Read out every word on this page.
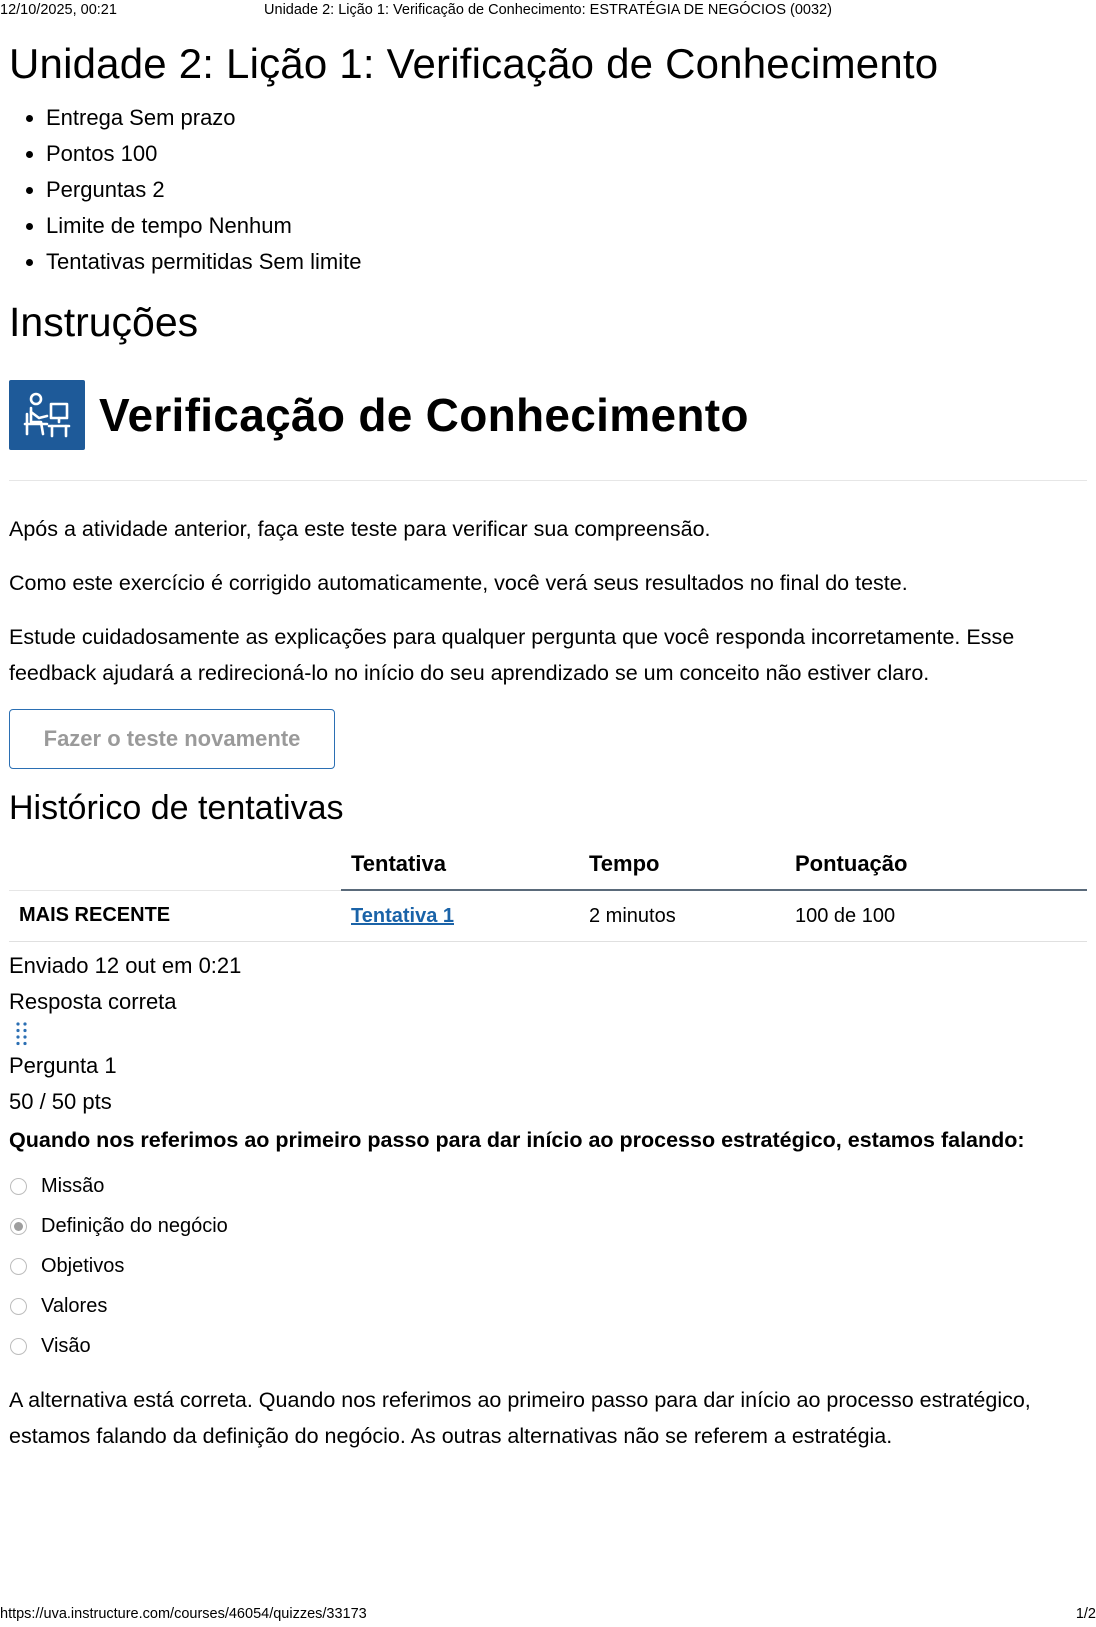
12/10/2025, 00:21	Unidade 2: Lição 1: Verificação de Conhecimento: ESTRATÉGIA DE NEGÓCIOS (0032)
Unidade 2: Lição 1: Verificação de Conhecimento
• Entrega Sem prazo
• Pontos 100
• Perguntas 2
• Limite de tempo Nenhum
• Tentativas permitidas Sem limite
Instruções
Verificação de Conhecimento

Após a atividade anterior, faça este teste para verificar sua compreensão.

Como este exercício é corrigido automaticamente, você verá seus resultados no final do teste.

Estude cuidadosamente as explicações para qualquer pergunta que você responda incorretamente. Esse feedback ajudará a redirecioná-lo no início do seu aprendizado se um conceito não estiver claro.

Fazer o teste novamente
Histórico de tentativas
	Tentativa	Tempo	Pontuação
MAIS RECENTE	Tentativa 1	2 minutos	100 de 100
Enviado 12 out em 0:21
Resposta correta
Pergunta 1
50 / 50 pts
Quando nos referimos ao primeiro passo para dar início ao processo estratégico, estamos falando:
Missão
Definição do negócio
Objetivos
Valores
Visão
A alternativa está correta. Quando nos referimos ao primeiro passo para dar início ao processo estratégico, estamos falando da definição do negócio. As outras alternativas não se referem a estratégia.
https://uva.instructure.com/courses/46054/quizzes/33173	1/2
